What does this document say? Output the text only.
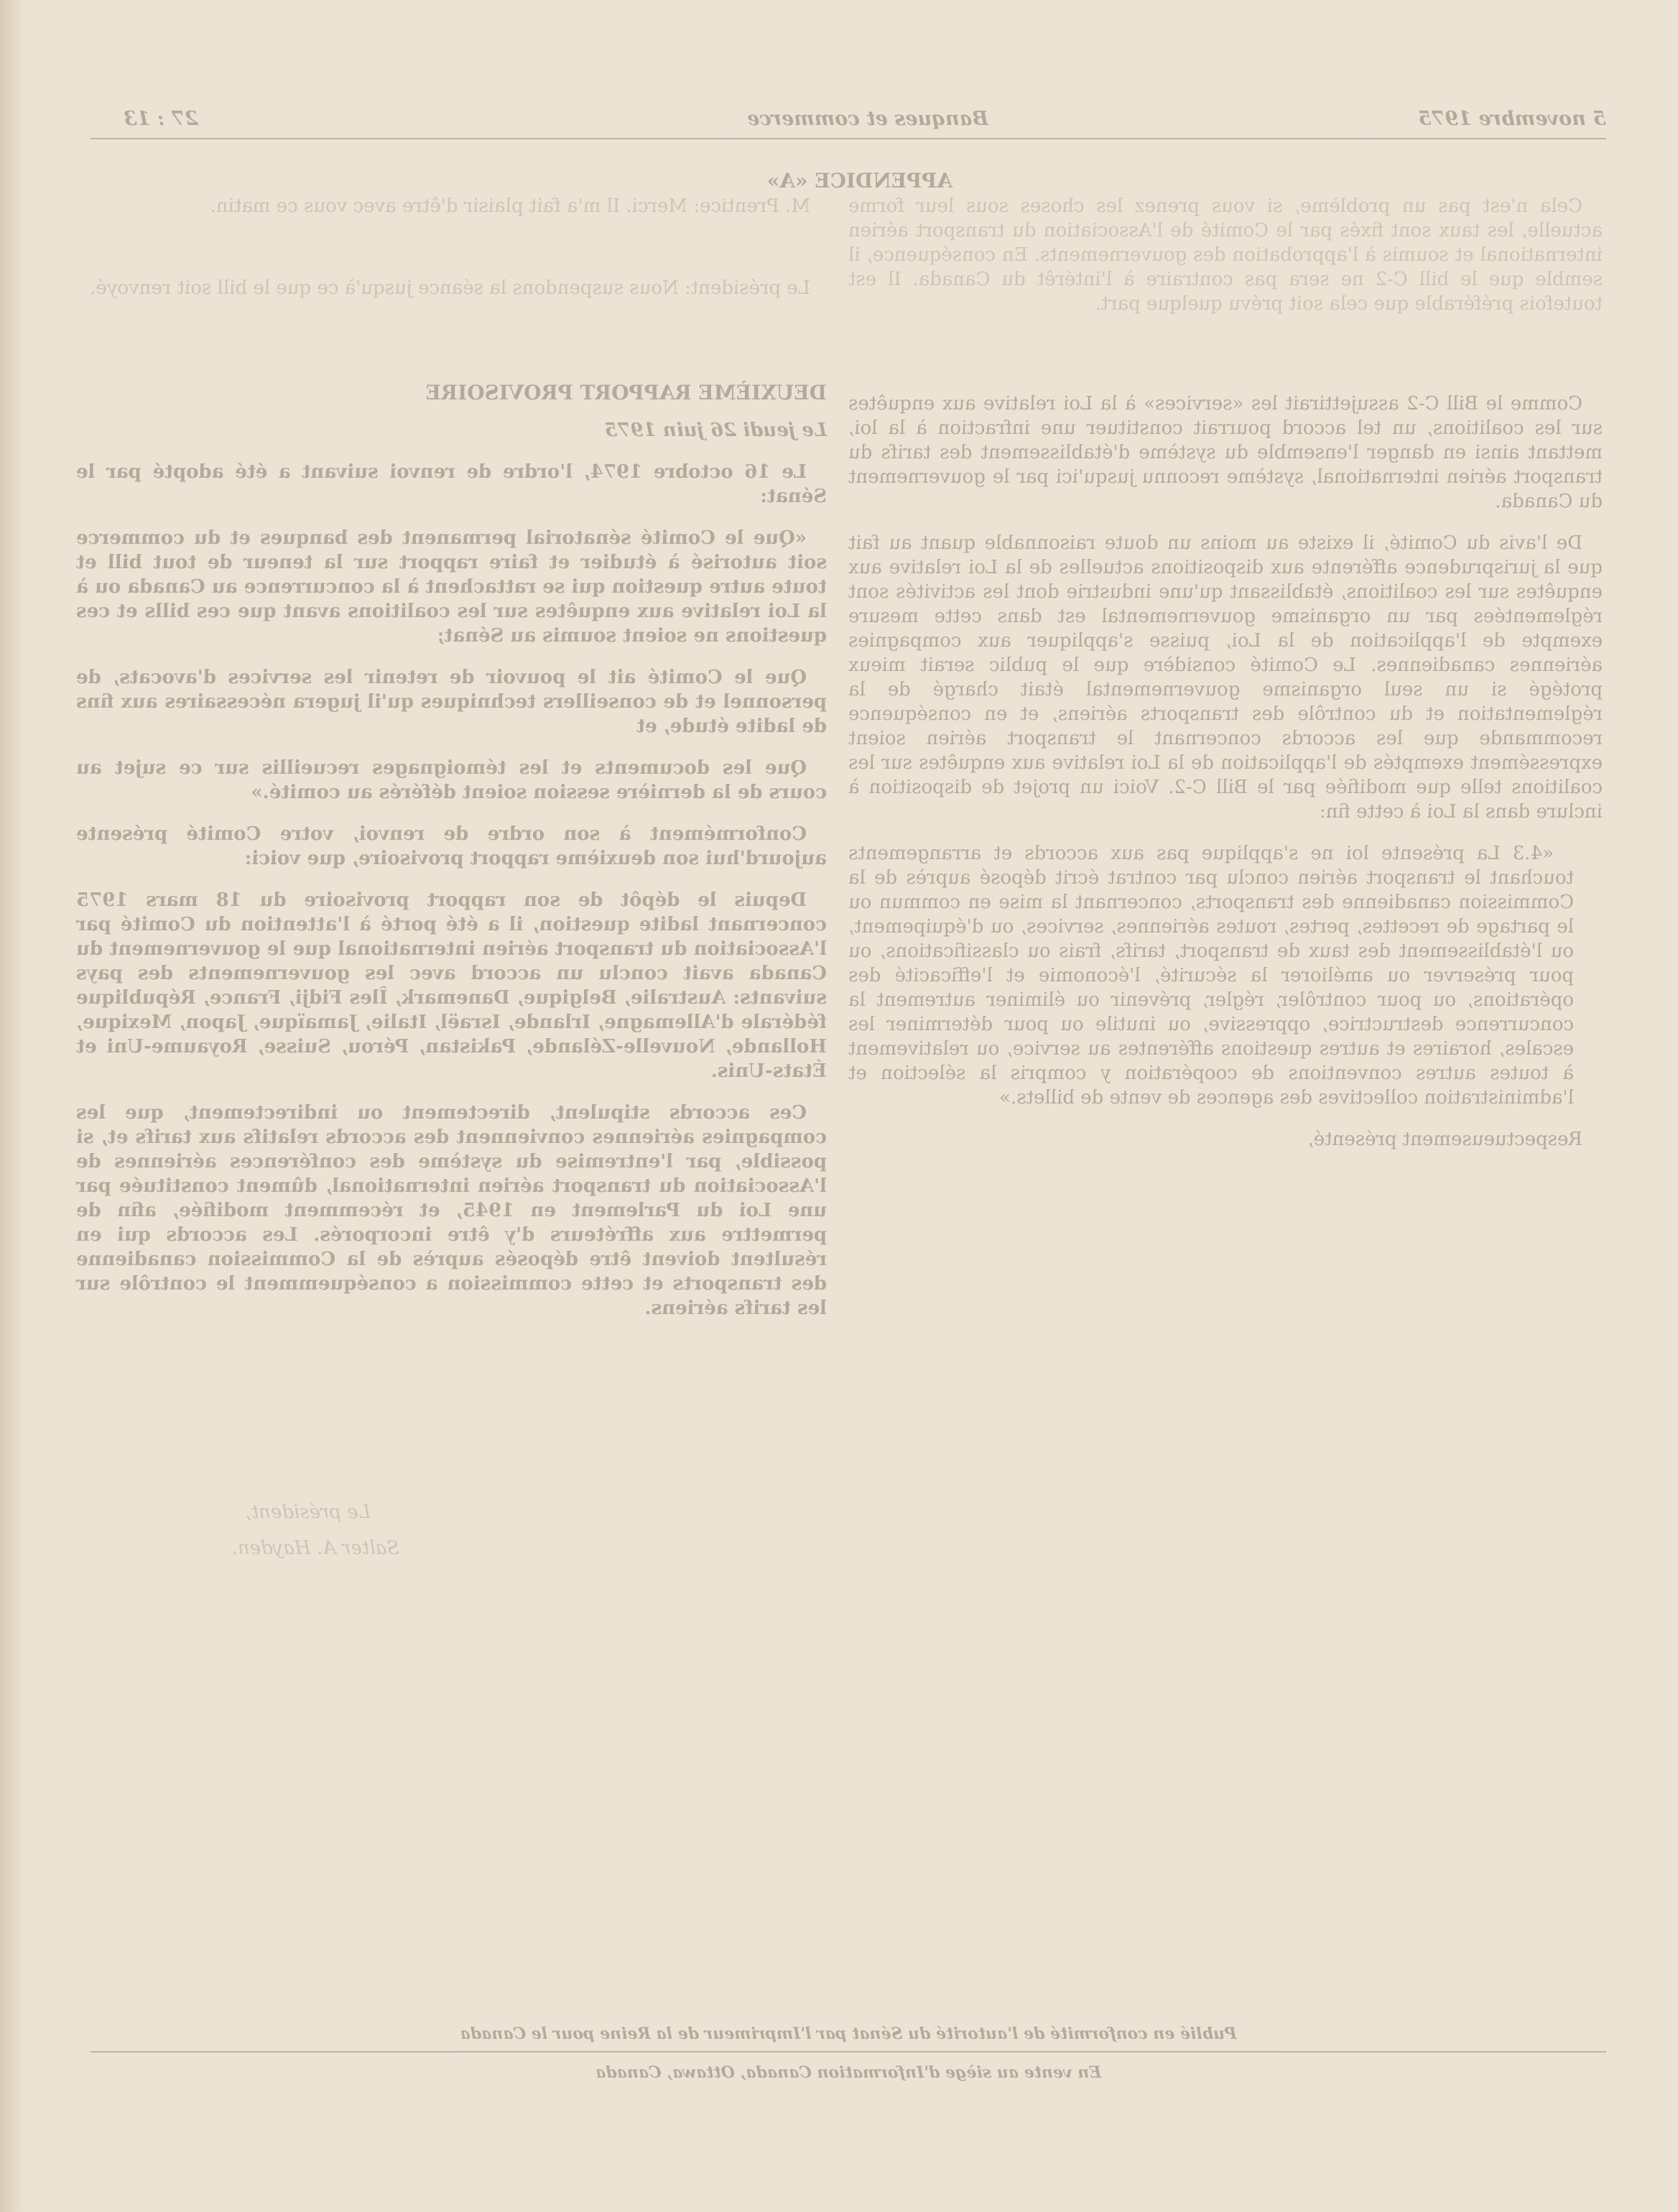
5 novembre 1975
Banques et commerce
27 : 13
APPENDICE «A»

M. Prentice: Merci. Il m'a fait plaisir d'être avec vous ce matin.

Le président: Nous suspendons la séance jusqu'à ce que le bill soit renvoyé.

Cela n'est pas un problème, si vous prenez les choses sous leur forme actuelle, les taux sont fixés par le Comité de l'Association du transport aérien international et soumis à l'approbation des gouvernements. En conséquence, il semble que le bill C-2 ne sera pas contraire à l'intérêt du Canada. Il est toutefois préférable que cela soit prévu quelque part.

DEUXIÈME RAPPORT PROVISOIRE

Le jeudi 26 juin 1975

Le 16 octobre 1974, l'ordre de renvoi suivant a été adopté par le Sénat:

«Que le Comité sénatorial permanent des banques et du commerce soit autorisé à étudier et faire rapport sur la teneur de tout bill et toute autre question qui se rattachent à la concurrence au Canada ou à la Loi relative aux enquêtes sur les coalitions avant que ces bills et ces questions ne soient soumis au Sénat;

Que le Comité ait le pouvoir de retenir les services d'avocats, de personnel et de conseillers techniques qu'il jugera nécessaires aux fins de ladite étude, et

Que les documents et les témoignages recueillis sur ce sujet au cours de la dernière session soient déférés au comité.»

Conformément à son ordre de renvoi, votre Comité présente aujourd'hui son deuxième rapport provisoire, que voici:

Depuis le dépôt de son rapport provisoire du 18 mars 1975 concernant ladite question, il a été porté à l'attention du Comité par l'Association du transport aérien international que le gouvernement du Canada avait conclu un accord avec les gouvernements des pays suivants: Australie, Belgique, Danemark, Îles Fidji, France, République fédérale d'Allemagne, Irlande, Israël, Italie, Jamaïque, Japon, Mexique, Hollande, Nouvelle-Zélande, Pakistan, Pérou, Suisse, Royaume-Uni et États-Unis.

Ces accords stipulent, directement ou indirectement, que les compagnies aériennes conviennent des accords relatifs aux tarifs et, si possible, par l'entremise du système des conférences aériennes de l'Association du transport aérien international, dûment constituée par une Loi du Parlement en 1945, et récemment modifiée, afin de permettre aux affréteurs d'y être incorporés. Les accords qui en résultent doivent être déposés auprès de la Commission canadienne des transports et cette commission a conséquemment le contrôle sur les tarifs aériens.

Comme le Bill C-2 assujettirait les «services» à la Loi relative aux enquêtes sur les coalitions, un tel accord pourrait constituer une infraction à la loi, mettant ainsi en danger l'ensemble du système d'établissement des tarifs du transport aérien international, système reconnu jusqu'ici par le gouvernement du Canada.

De l'avis du Comité, il existe au moins un doute raisonnable quant au fait que la jurisprudence afférente aux dispositions actuelles de la Loi relative aux enquêtes sur les coalitions, établissant qu'une industrie dont les activités sont réglementées par un organisme gouvernemental est dans cette mesure exempte de l'application de la Loi, puisse s'appliquer aux compagnies aériennes canadiennes. Le Comité considère que le public serait mieux protégé si un seul organisme gouvernemental était chargé de la réglementation et du contrôle des transports aériens, et en conséquence recommande que les accords concernant le transport aérien soient expressément exemptés de l'application de la Loi relative aux enquêtes sur les coalitions telle que modifiée par le Bill C-2. Voici un projet de disposition à inclure dans la Loi à cette fin:

«4.3 La présente loi ne s'applique pas aux accords et arrangements touchant le transport aérien conclu par contrat écrit déposé auprès de la Commission canadienne des transports, concernant la mise en commun ou le partage de recettes, pertes, routes aériennes, services, ou d'équipement, ou l'établissement des taux de transport, tarifs, frais ou classifications, ou pour préserver ou améliorer la sécurité, l'économie et l'efficacité des opérations, ou pour contrôler, régler, prévenir ou éliminer autrement la concurrence destructrice, oppressive, ou inutile ou pour déterminer les escales, horaires et autres questions afférentes au service, ou relativement à toutes autres conventions de coopération y compris la sélection et l'administration collectives des agences de vente de billets.»

Respectueusement présenté,

Le président,
Salter A. Hayden.
Publié en conformité de l'autorité du Sénat par l'Imprimeur de la Reine pour le Canada
En vente au siège d'Information Canada, Ottawa, Canada
